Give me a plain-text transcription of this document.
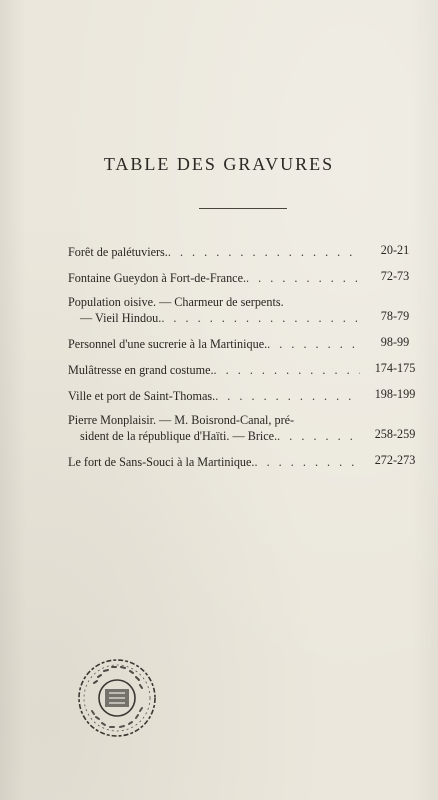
TABLE DES GRAVURES
Forêt de palétuviers. . . .	20-21
Fontaine Gueydon à Fort-de-France. . . .	72-73
Population oisive. — Charmeur de serpents.
— Vieil Hindou. . . .	78-79
Personnel d'une sucrerie à la Martinique. . . .	98-99
Mulâtresse en grand costume. . . .	174-175
Ville et port de Saint-Thomas. . . .	198-199
Pierre Monplaisir. — M. Boisrond-Canal, pré-
sident de la république d'Haïti. — Brice. . . .	258-259
Le fort de Sans-Souci à la Martinique. . . .	272-273
